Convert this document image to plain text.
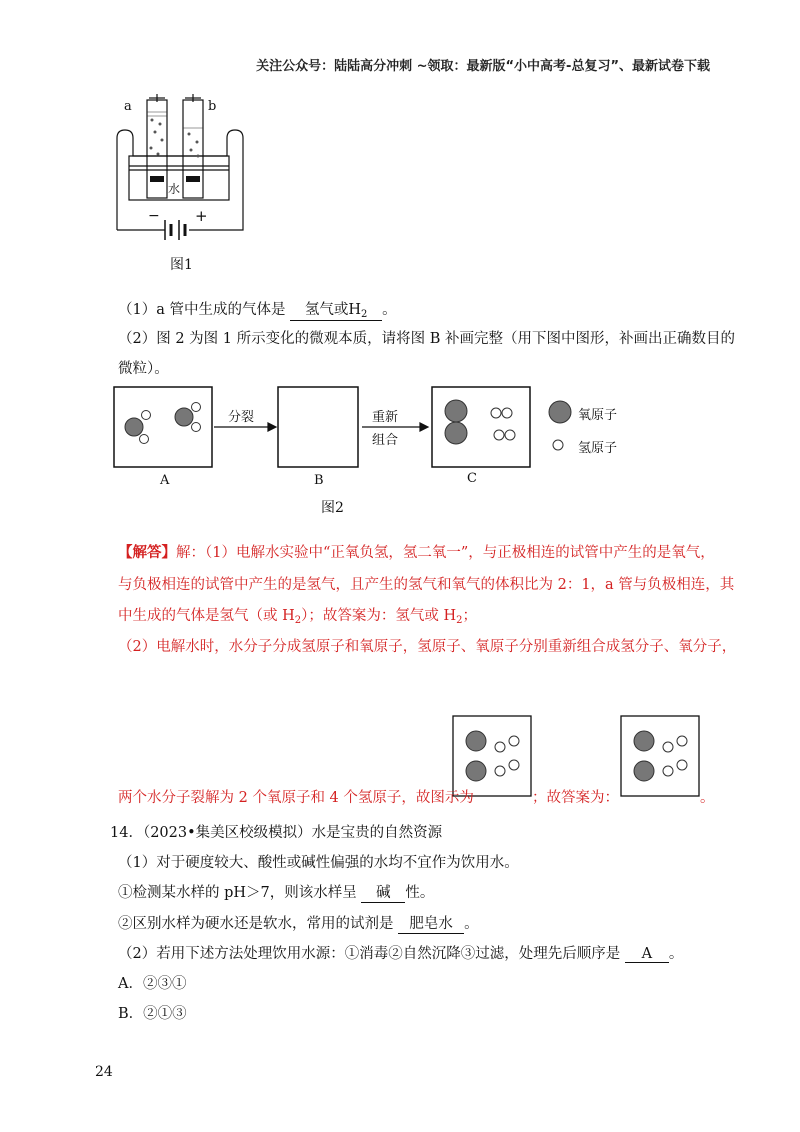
关注公众号：陆陆高分冲刺 ~领取：最新版“小中高考-总复习”、最新试卷下载
a	b
水
− +
图1
（1）a 管中生成的气体是 氢气或$H_2$ 。
（2）图 2 为图 1 所示变化的微观本质，请将图 B 补画完整（用下图中图形，补画出正确数目的
微粒）。
分裂	重新
组合
氧原子
氢原子
A	B	C
图2
【解答】解：（1）电解水实验中“正氧负氢，氢二氧一”，与正极相连的试管中产生的是氧气，
与负极相连的试管中产生的是氢气，且产生的氢气和氧气的体积比为 2：1，a 管与负极相连，其
中生成的气体是氢气（或 $H_2$）；故答案为：氢气或 $H_2$；
（2）电解水时，水分子分成氢原子和氧原子，氢原子、氧原子分别重新组合成氢分子、氧分子，
两个水分子裂解为 2 个氧原子和 4 个氢原子，故图示为	；故答案为：	。
14．（2023•集美区校级模拟）水是宝贵的自然资源
（1）对于硬度较大、酸性或碱性偏强的水均不宜作为饮用水。
①检测某水样的 pH＞7，则该水样呈 碱 性。
②区别水样为硬水还是软水，常用的试剂是 肥皂水 。
（2）若用下述方法处理饮用水源：①消毒②自然沉降③过滤，处理先后顺序是 A 。
A．②③①
B．②①③
24
